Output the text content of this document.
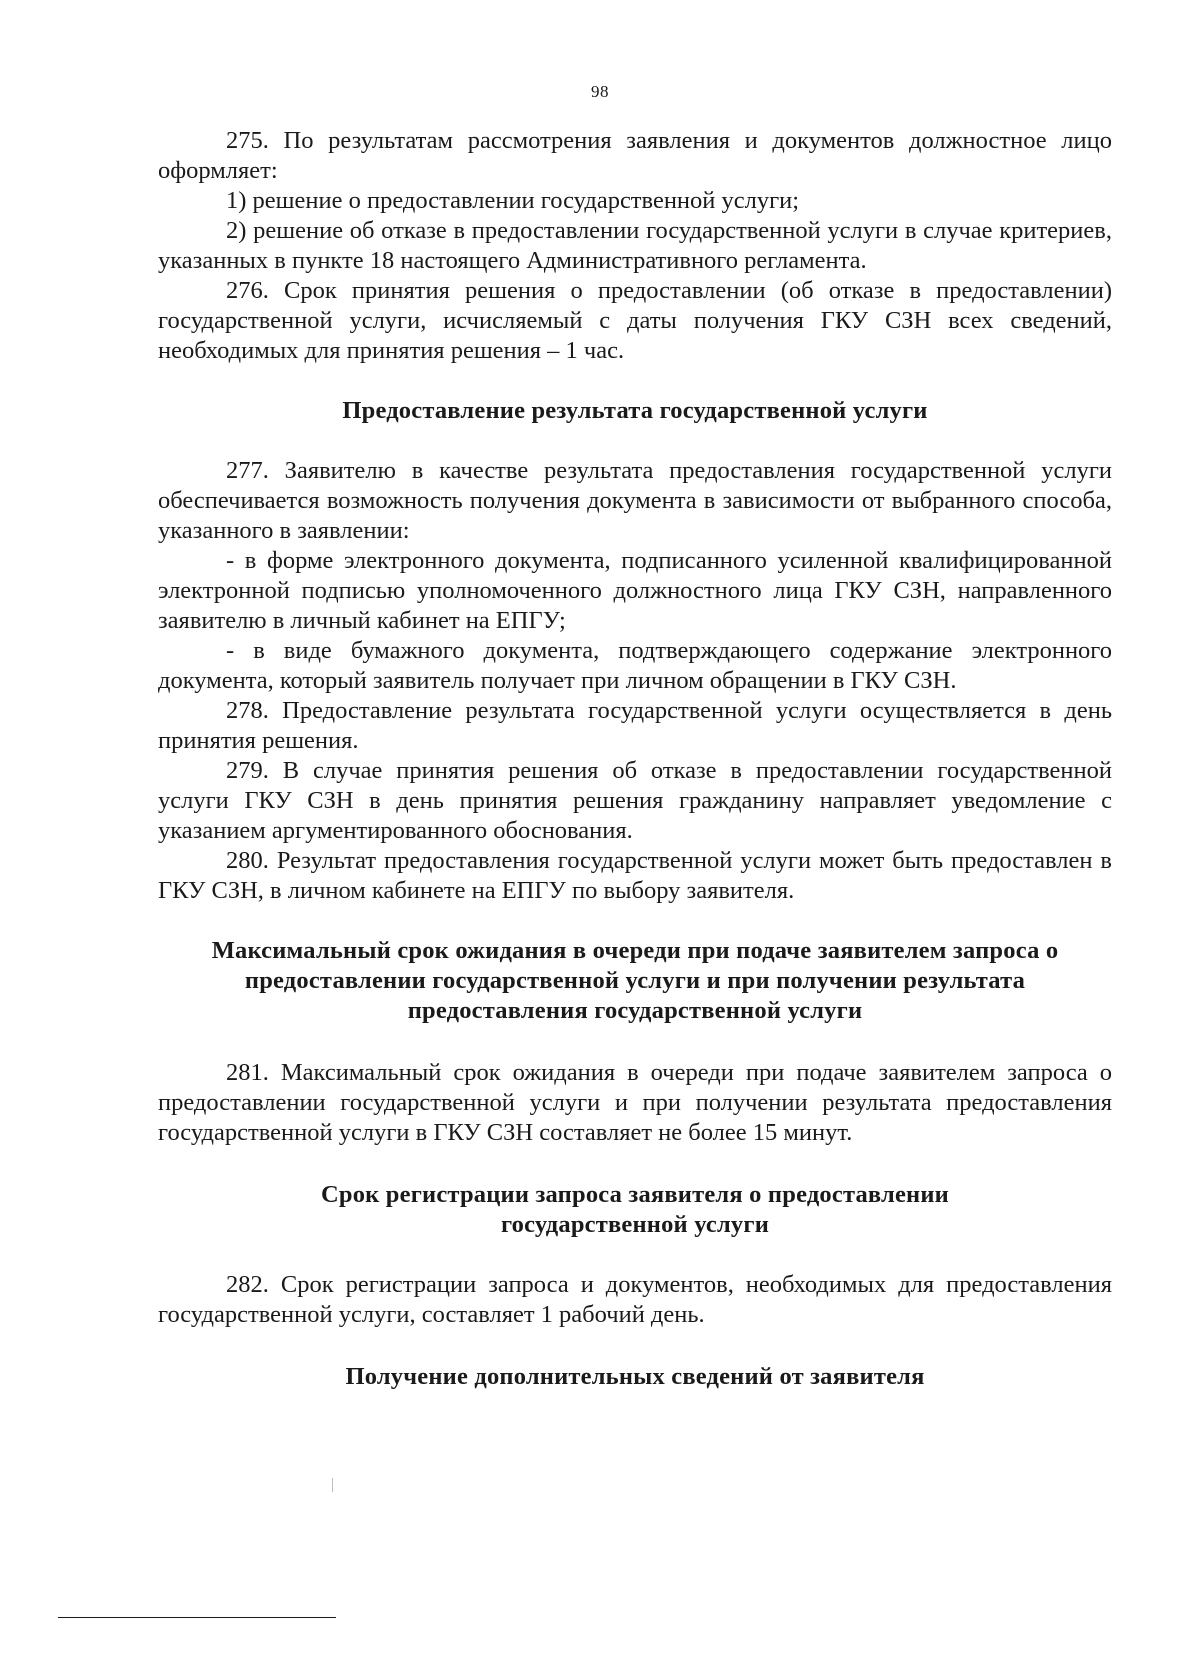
98

275. По результатам рассмотрения заявления и документов должностное лицо оформляет:

1) решение о предоставлении государственной услуги;

2) решение об отказе в предоставлении государственной услуги в случае критериев, указанных в пункте 18 настоящего Административного регламента.

276. Срок принятия решения о предоставлении (об отказе в предоставлении) государственной услуги, исчисляемый с даты получения ГКУ СЗН всех сведений, необходимых для принятия решения – 1 час.

Предоставление результата государственной услуги

277. Заявителю в качестве результата предоставления государственной услуги обеспечивается возможность получения документа в зависимости от выбранного способа, указанного в заявлении:

- в форме электронного документа, подписанного усиленной квалифицированной электронной подписью уполномоченного должностного лица ГКУ СЗН, направленного заявителю в личный кабинет на ЕПГУ;

- в виде бумажного документа, подтверждающего содержание электронного документа, который заявитель получает при личном обращении в ГКУ СЗН.

278. Предоставление результата государственной услуги осуществляется в день принятия решения.

279. В случае принятия решения об отказе в предоставлении государственной услуги ГКУ СЗН в день принятия решения гражданину направляет уведомление с указанием аргументированного обоснования.

280. Результат предоставления государственной услуги может быть предоставлен в ГКУ СЗН, в личном кабинете на ЕПГУ по выбору заявителя.

Максимальный срок ожидания в очереди при подаче заявителем запроса о
предоставлении государственной услуги и при получении результата
предоставления государственной услуги

281. Максимальный срок ожидания в очереди при подаче заявителем запроса о предоставлении государственной услуги и при получении результата предоставления государственной услуги в ГКУ СЗН составляет не более 15 минут.

Срок регистрации запроса заявителя о предоставлении
государственной услуги

282. Срок регистрации запроса и документов, необходимых для предоставления государственной услуги, составляет 1 рабочий день.

Получение дополнительных сведений от заявителя
